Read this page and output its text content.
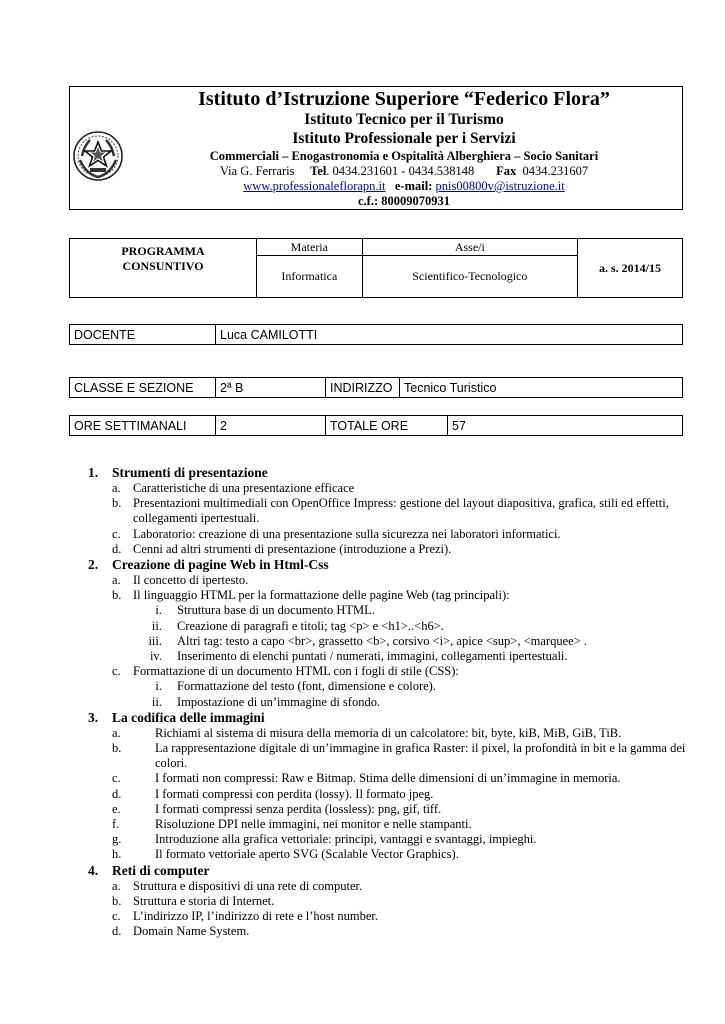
Istituto d’Istruzione Superiore “Federico Flora”
Istituto Tecnico per il Turismo
Istituto Professionale per i Servizi
Commerciali – Enogastronomia e Ospitalità Alberghiera – Socio Sanitari
Via G. Ferraris Tel. 0434.231601 - 0434.538148 Fax 0434.231607
www.professionaleflorapn.it e-mail: pnis00800v@istruzione.it
c.f.: 80009070931
PROGRAMMA
CONSUNTIVO	Materia	Asse/i	a. s. 2014/15
	Informatica	Scientifico-Tecnologico	
DOCENTE	Luca CAMILOTTI
CLASSE E SEZIONE	2ª B	INDIRIZZO	Tecnico Turistico
ORE SETTIMANALI	2	TOTALE ORE	57
1. Strumenti di presentazione
a. Caratteristiche di una presentazione efficace
b. Presentazioni multimediali con OpenOffice Impress: gestione del layout diapositiva, grafica, stili ed effetti, collegamenti ipertestuali.
c. Laboratorio: creazione di una presentazione sulla sicurezza nei laboratori informatici.
d. Cenni ad altri strumenti di presentazione (introduzione a Prezi).
2. Creazione di pagine Web in Html-Css
a. Il concetto di ipertesto.
b. Il linguaggio HTML per la formattazione delle pagine Web (tag principali):
i. Struttura base di un documento HTML.
ii. Creazione di paragrafi e titoli; tag <p> e <h1>..<h6>.
iii. Altri tag: testo a capo <br>, grassetto <b>, corsivo <i>, apice <sup>, <marquee> .
iv. Inserimento di elenchi puntati / numerati, immagini, collegamenti ipertestuali.
c. Formattazione di un documento HTML con i fogli di stile (CSS):
i. Formattazione del testo (font, dimensione e colore).
ii. Impostazione di un’immagine di sfondo.
3. La codifica delle immagini
a.	Richiami al sistema di misura della memoria di un calcolatore: bit, byte, kiB, MiB, GiB, TiB.
b.	La rappresentazione digitale di un’immagine in grafica Raster: il pixel, la profondità in bit e la gamma dei colori.
c.	I formati non compressi: Raw e Bitmap. Stima delle dimensioni di un’immagine in memoria.
d.	I formati compressi con perdita (lossy). Il formato jpeg.
e.	I formati compressi senza perdita (lossless): png, gif, tiff.
f.	Risoluzione DPI nelle immagini, nei monitor e nelle stampanti.
g.	Introduzione alla grafica vettoriale: principi, vantaggi e svantaggi, impieghi.
h.	Il formato vettoriale aperto SVG (Scalable Vector Graphics).
4. Reti di computer
a. Struttura e dispositivi di una rete di computer.
b. Struttura e storia di Internet.
c. L’indirizzo IP, l’indirizzo di rete e l’host number.
d. Domain Name System.
